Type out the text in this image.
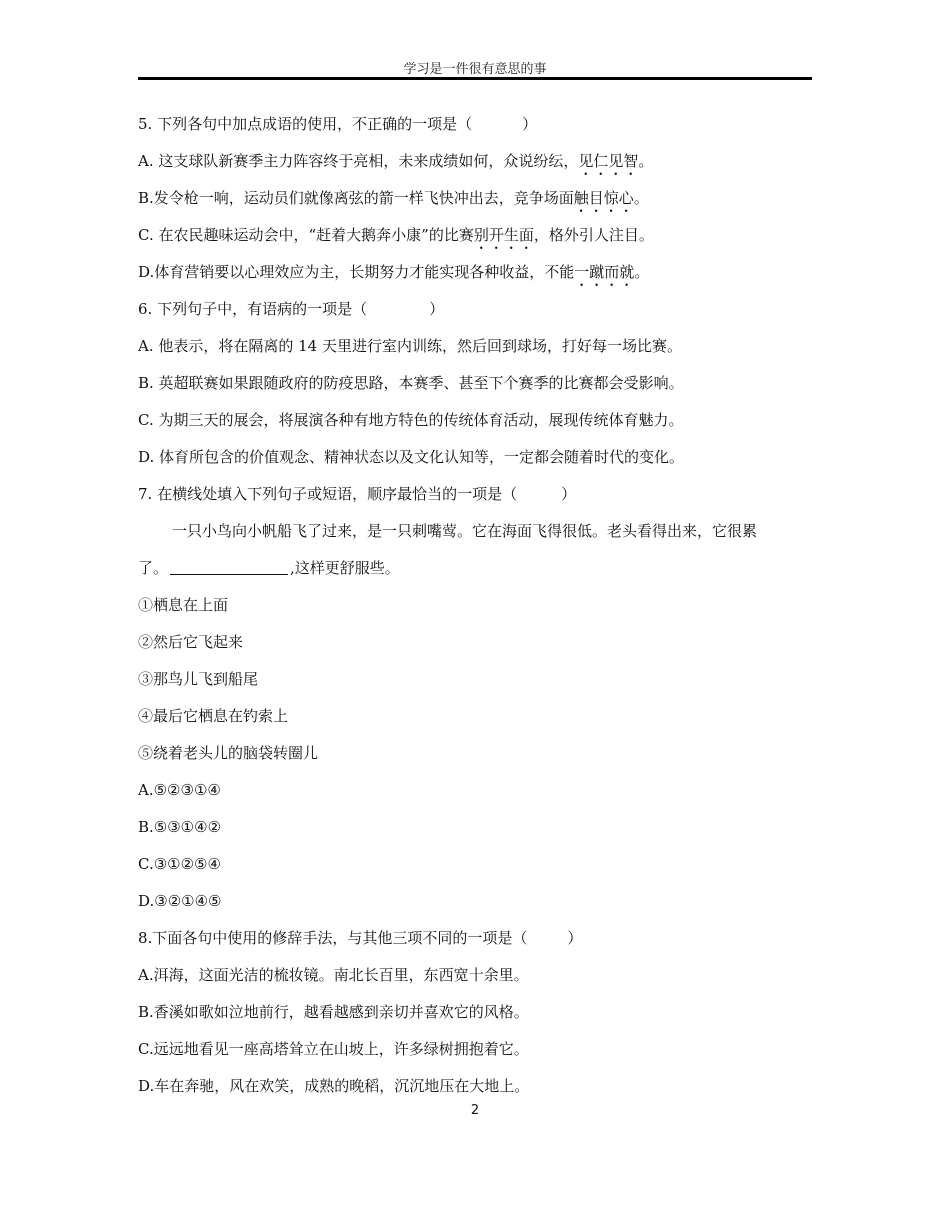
学习是一件很有意思的事
5. 下列各句中加点成语的使用，不正确的一项是（	）
A. 这支球队新赛季主力阵容终于亮相，未来成绩如何，众说纷纭，见仁见智。
B.发令枪一响，运动员们就像离弦的箭一样飞快冲出去，竞争场面触目惊心。
C. 在农民趣味运动会中，“赶着大鹅奔小康”的比赛别开生面，格外引人注目。
D.体育营销要以心理效应为主，长期努力才能实现各种收益，不能一蹴而就。
6. 下列句子中，有语病的一项是（	）
A. 他表示，将在隔离的 14 天里进行室内训练，然后回到球场，打好每一场比赛。
B. 英超联赛如果跟随政府的防疫思路，本赛季、甚至下个赛季的比赛都会受影响。
C. 为期三天的展会，将展演各种有地方特色的传统体育活动，展现传统体育魅力。
D. 体育所包含的价值观念、精神状态以及文化认知等，一定都会随着时代的变化。
7. 在横线处填入下列句子或短语，顺序最恰当的一项是（	）
一只小鸟向小帆船飞了过来，是一只刺嘴莺。它在海面飞得很低。老头看得出来，它很累
了。	,这样更舒服些。
①栖息在上面
②然后它飞起来
③那鸟儿飞到船尾
④最后它栖息在钓索上
⑤绕着老头儿的脑袋转圈儿
A.⑤②③①④
B.⑤③①④②
C.③①②⑤④
D.③②①④⑤
8.下面各句中使用的修辞手法，与其他三项不同的一项是（	）
A.洱海，这面光洁的梳妆镜。南北长百里，东西宽十余里。
B.香溪如歌如泣地前行，越看越感到亲切并喜欢它的风格。
C.远远地看见一座高塔耸立在山坡上，许多绿树拥抱着它。
D.车在奔驰，风在欢笑，成熟的晚稻，沉沉地压在大地上。
2
